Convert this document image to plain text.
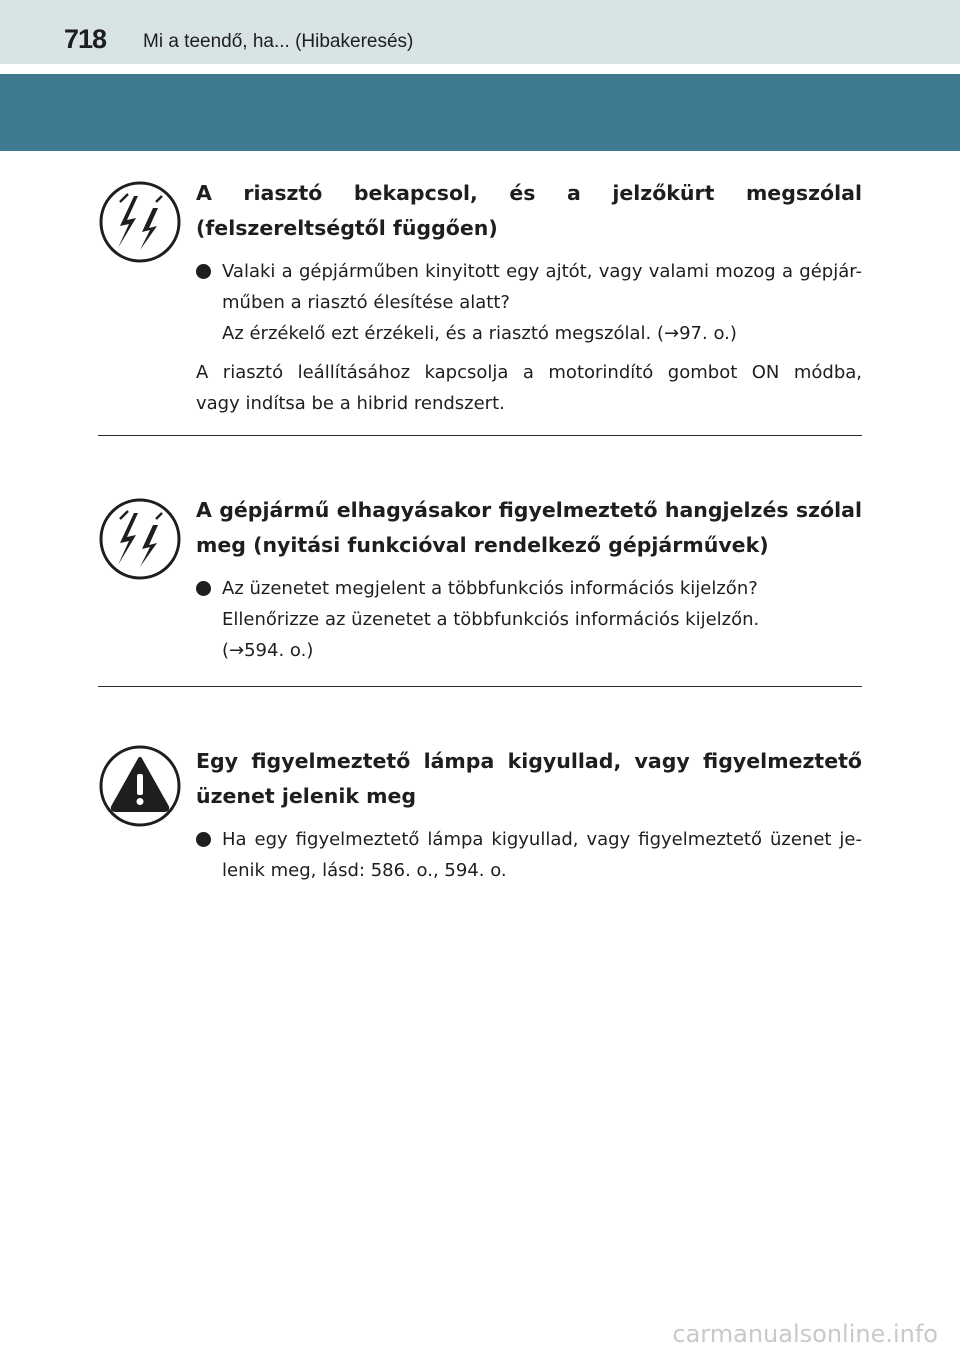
718 Mi a teendő, ha... (Hibakeresés)
A riasztó bekapcsol, és a jelzőkürt megszólal (felszereltségtől függően)
Valaki a gépjárműben kinyitott egy ajtót, vagy valami mozog a gépjár-
műben a riasztó élesítése alatt?
Az érzékelő ezt érzékeli, és a riasztó megszólal. (→97. o.)
A riasztó leállításához kapcsolja a motorindító gombot ON módba,
vagy indítsa be a hibrid rendszert.
A gépjármű elhagyásakor figyelmeztető hangjelzés szólal meg (nyitási funkcióval rendelkező gépjárművek)
Az üzenetet megjelent a többfunkciós információs kijelzőn?
Ellenőrizze az üzenetet a többfunkciós információs kijelzőn.
(→594. o.)
Egy figyelmeztető lámpa kigyullad, vagy figyelmeztető üzenet jelenik meg
Ha egy figyelmeztető lámpa kigyullad, vagy figyelmeztető üzenet je-
lenik meg, lásd: 586. o., 594. o.
carmanualsonline.info
